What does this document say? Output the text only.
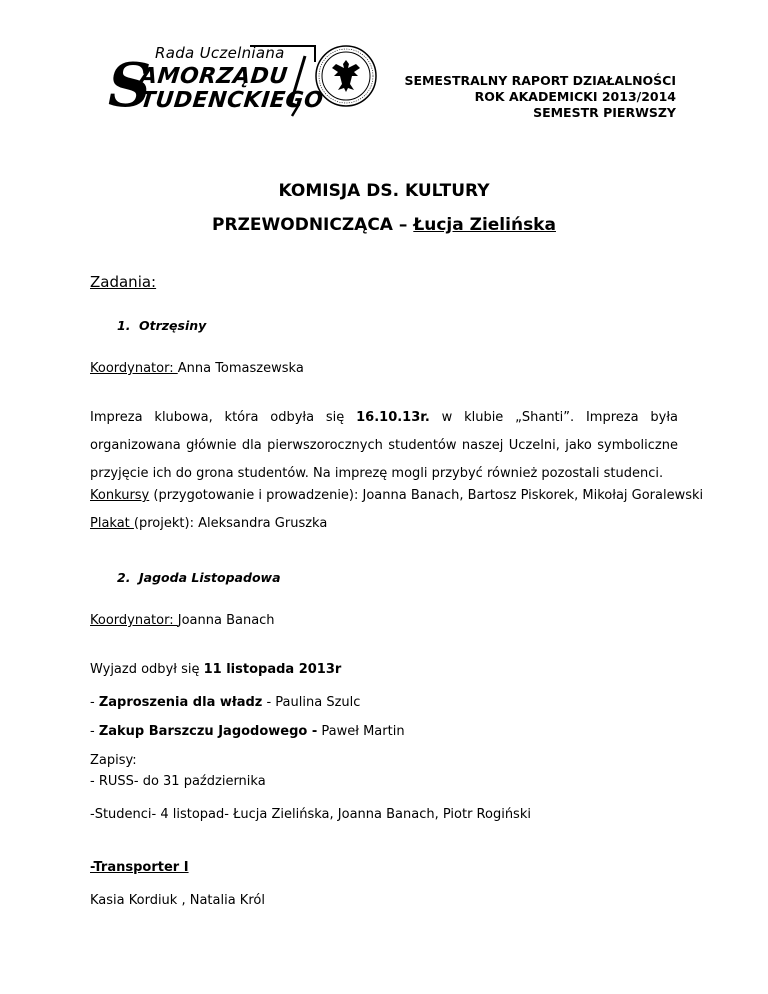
Rada Uczelniana
S
AMORZĄDU
TUDENCKIEGO
SEMESTRALNY RAPORT DZIAŁALNOŚCI
ROK AKADEMICKI 2013/2014
SEMESTR PIERWSZY
KOMISJA DS. KULTURY
PRZEWODNICZĄCA – Łucja Zielińska
Zadania:
1. Otrzęsiny
Koordynator: Anna Tomaszewska
Impreza klubowa, która odbyła się 16.10.13r. w klubie „Shanti”. Impreza była organizowana głównie dla pierwszorocznych studentów naszej Uczelni, jako symboliczne przyjęcie ich do grona studentów. Na imprezę mogli przybyć również pozostali studenci.
Konkursy (przygotowanie i prowadzenie): Joanna Banach, Bartosz Piskorek, Mikołaj Goralewski
Plakat (projekt): Aleksandra Gruszka
2. Jagoda Listopadowa
Koordynator: Joanna Banach
Wyjazd odbył się 11 listopada 2013r
- Zaproszenia dla władz - Paulina Szulc
- Zakup Barszczu Jagodowego - Paweł Martin
Zapisy:
- RUSS- do 31 października
-Studenci- 4 listopad- Łucja Zielińska, Joanna Banach, Piotr Rogiński
-Transporter I
Kasia Kordiuk , Natalia Król
